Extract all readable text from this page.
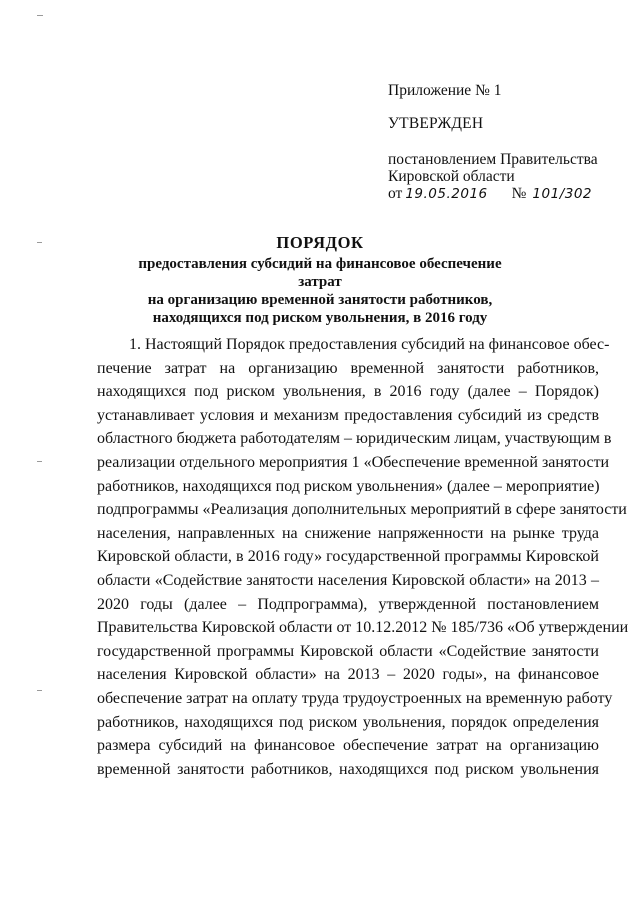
Приложение № 1
УТВЕРЖДЕН
постановлением Правительства
Кировской области
от 19.05.2016 № 101/302
ПОРЯДОК
предоставления субсидий на финансовое обеспечение затрат
на организацию временной занятости работников,
находящихся под риском увольнения, в 2016 году
1. Настоящий Порядок предоставления субсидий на финансовое обес-
печение затрат на организацию временной занятости работников,
находящихся под риском увольнения, в 2016 году (далее – Порядок)
устанавливает условия и механизм предоставления субсидий из средств
областного бюджета работодателям – юридическим лицам, участвующим в
реализации отдельного мероприятия 1 «Обеспечение временной занятости
работников, находящихся под риском увольнения» (далее – мероприятие)
подпрограммы «Реализация дополнительных мероприятий в сфере занятости
населения, направленных на снижение напряженности на рынке труда
Кировской области, в 2016 году» государственной программы Кировской
области «Содействие занятости населения Кировской области» на 2013 –
2020 годы (далее – Подпрограмма), утвержденной постановлением
Правительства Кировской области от 10.12.2012 № 185/736 «Об утверждении
государственной программы Кировской области «Содействие занятости
населения Кировской области» на 2013 – 2020 годы», на финансовое
обеспечение затрат на оплату труда трудоустроенных на временную работу
работников, находящихся под риском увольнения, порядок определения
размера субсидий на финансовое обеспечение затрат на организацию
временной занятости работников, находящихся под риском увольнения
